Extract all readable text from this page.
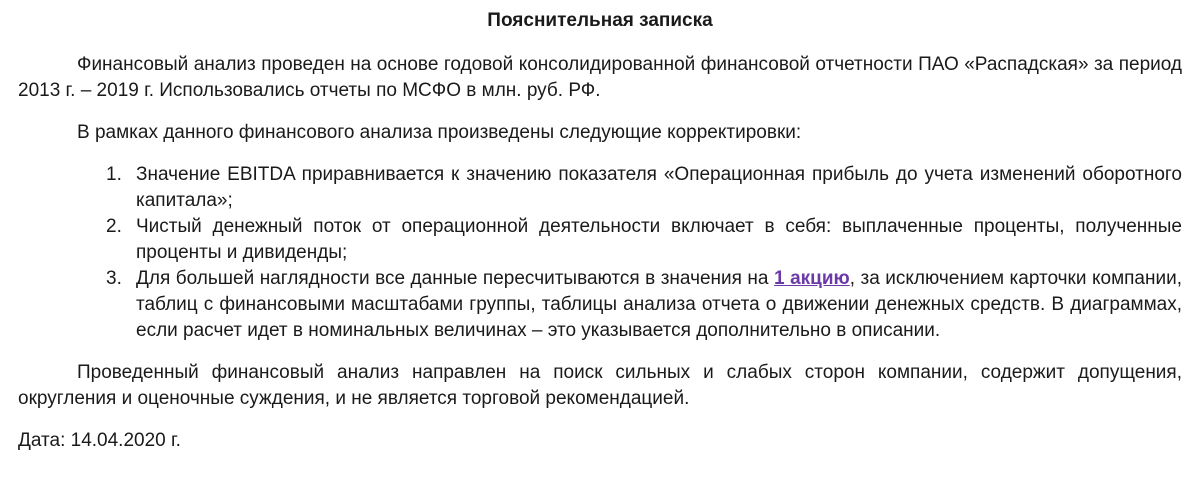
Пояснительная записка

Финансовый анализ проведен на основе годовой консолидированной финансовой отчетности ПАО «Распадская» за период 2013 г. – 2019 г. Использовались отчеты по МСФО в млн. руб. РФ.

В рамках данного финансового анализа произведены следующие корректировки:

1. Значение EBITDA приравнивается к значению показателя «Операционная прибыль до учета изменений оборотного капитала»;
2. Чистый денежный поток от операционной деятельности включает в себя: выплаченные проценты, полученные проценты и дивиденды;
3. Для большей наглядности все данные пересчитываются в значения на 1 акцию, за исключением карточки компании, таблиц с финансовыми масштабами группы, таблицы анализа отчета о движении денежных средств. В диаграммах, если расчет идет в номинальных величинах – это указывается дополнительно в описании.

Проведенный финансовый анализ направлен на поиск сильных и слабых сторон компании, содержит допущения, округления и оценочные суждения, и не является торговой рекомендацией.

Дата: 14.04.2020 г.
